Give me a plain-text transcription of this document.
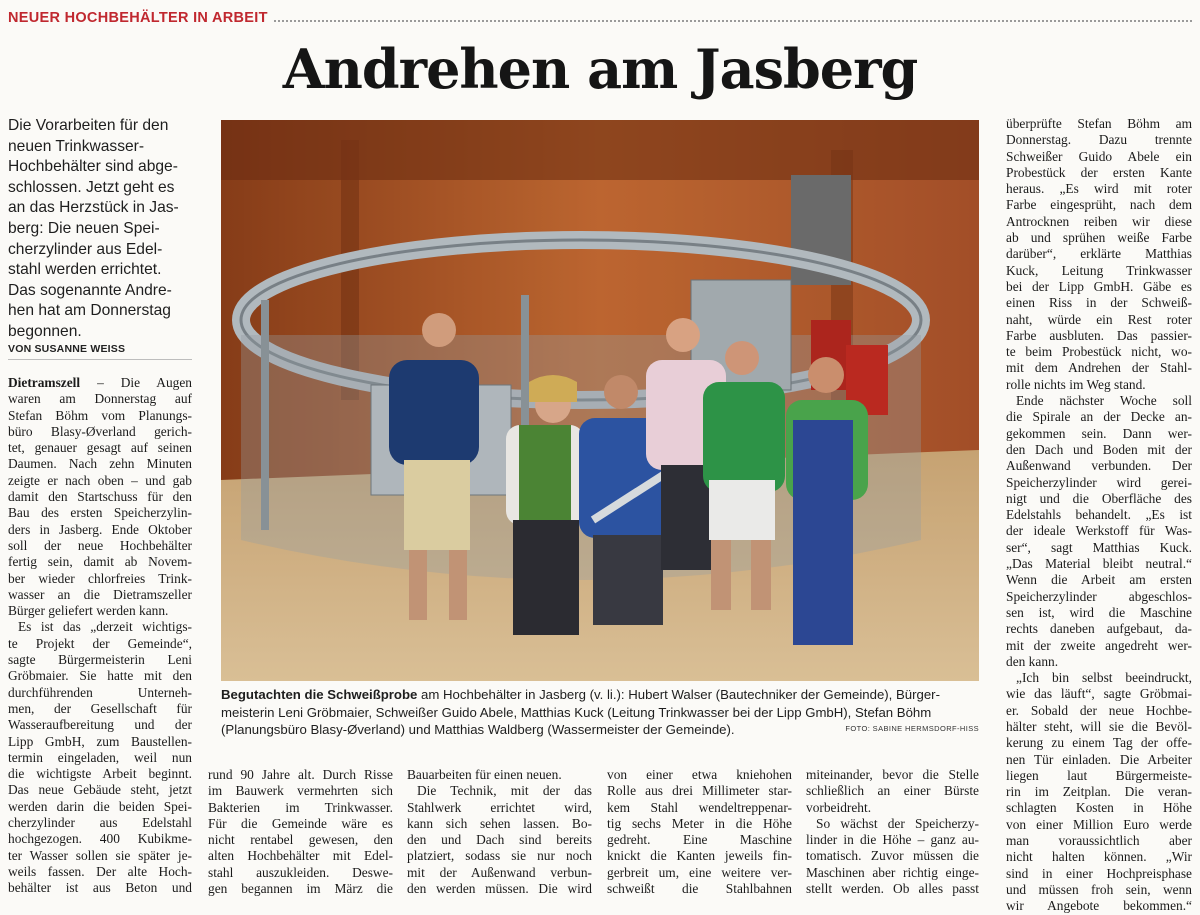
NEUER HOCHBEHÄLTER IN ARBEIT
Andrehen am Jasberg
Die Vorarbeiten für den
neuen Trinkwasser-
Hochbehälter sind abge-
schlossen. Jetzt geht es
an das Herzstück in Jas-
berg: Die neuen Spei-
cherzylinder aus Edel-
stahl werden errichtet.
Das sogenannte Andre-
hen hat am Donnerstag
begonnen.
VON SUSANNE WEISS
Dietramszell – Die Augen
waren am Donnerstag auf
Stefan Böhm vom Planungs-
büro Blasy-Øverland gerich-
tet, genauer gesagt auf seinen
Daumen. Nach zehn Minuten
zeigte er nach oben – und gab
damit den Startschuss für den
Bau des ersten Speicherzylin-
ders in Jasberg. Ende Oktober
soll der neue Hochbehälter
fertig sein, damit ab Novem-
ber wieder chlorfreies Trink-
wasser an die Dietramszeller
Bürger geliefert werden kann.
Es ist das „derzeit wichtigs-
te Projekt der Gemeinde“,
sagte Bürgermeisterin Leni
Gröbmaier. Sie hatte mit den
durchführenden Unterneh-
men, der Gesellschaft für
Wasseraufbereitung und der
Lipp GmbH, zum Baustellen-
termin eingeladen, weil nun
die wichtigste Arbeit beginnt.
Das neue Gebäude steht, jetzt
werden darin die beiden Spei-
cherzylinder aus Edelstahl
hochgezogen. 400 Kubikme-
ter Wasser sollen sie später je-
weils fassen. Der alte Hoch-
behälter ist aus Beton und
Begutachten die Schweißprobe am Hochbehälter in Jasberg (v. li.): Hubert Walser (Bautechniker der Gemeinde), Bürger-
meisterin Leni Gröbmaier, Schweißer Guido Abele, Matthias Kuck (Leitung Trinkwasser bei der Lipp GmbH), Stefan Böhm
(Planungsbüro Blasy-Øverland) und Matthias Waldberg (Wassermeister der Gemeinde).	FOTO: SABINE HERMSDORF-HISS
rund 90 Jahre alt. Durch Risse
im Bauwerk vermehrten sich
Bakterien im Trinkwasser.
Für die Gemeinde wäre es
nicht rentabel gewesen, den
alten Hochbehälter mit Edel-
stahl auszukleiden. Deswe-
gen begannen im März die
Bauarbeiten für einen neuen.
Die Technik, mit der das
Stahlwerk errichtet wird,
kann sich sehen lassen. Bo-
den und Dach sind bereits
platziert, sodass sie nur noch
mit der Außenwand verbun-
den werden müssen. Die wird
von einer etwa kniehohen
Rolle aus drei Millimeter star-
kem Stahl wendeltreppenar-
tig sechs Meter in die Höhe
gedreht. Eine Maschine
knickt die Kanten jeweils fin-
gerbreit um, eine weitere ver-
schweißt die Stahlbahnen
miteinander, bevor die Stelle
schließlich an einer Bürste
vorbeidreht.
So wächst der Speicherzy-
linder in die Höhe – ganz au-
tomatisch. Zuvor müssen die
Maschinen aber richtig einge-
stellt werden. Ob alles passt
überprüfte Stefan Böhm am
Donnerstag. Dazu trennte
Schweißer Guido Abele ein
Probestück der ersten Kante
heraus. „Es wird mit roter
Farbe eingesprüht, nach dem
Antrocknen reiben wir diese
ab und sprühen weiße Farbe
darüber“, erklärte Matthias
Kuck, Leitung Trinkwasser
bei der Lipp GmbH. Gäbe es
einen Riss in der Schweiß-
naht, würde ein Rest roter
Farbe ausbluten. Das passier-
te beim Probestück nicht, wo-
mit dem Andrehen der Stahl-
rolle nichts im Weg stand.
Ende nächster Woche soll
die Spirale an der Decke an-
gekommen sein. Dann wer-
den Dach und Boden mit der
Außenwand verbunden. Der
Speicherzylinder wird gerei-
nigt und die Oberfläche des
Edelstahls behandelt. „Es ist
der ideale Werkstoff für Was-
ser“, sagt Matthias Kuck.
„Das Material bleibt neutral.“
Wenn die Arbeit am ersten
Speicherzylinder abgeschlos-
sen ist, wird die Maschine
rechts daneben aufgebaut, da-
mit der zweite angedreht wer-
den kann.
„Ich bin selbst beeindruckt,
wie das läuft“, sagte Gröbmai-
er. Sobald der neue Hochbe-
hälter steht, will sie die Bevöl-
kerung zu einem Tag der offe-
nen Tür einladen. Die Arbeiter
liegen laut Bürgermeiste-
rin im Zeitplan. Die veran-
schlagten Kosten in Höhe
von einer Million Euro werde
man voraussichtlich aber
nicht halten können. „Wir
sind in einer Hochpreisphase
und müssen froh sein, wenn
wir Angebote bekommen.“
